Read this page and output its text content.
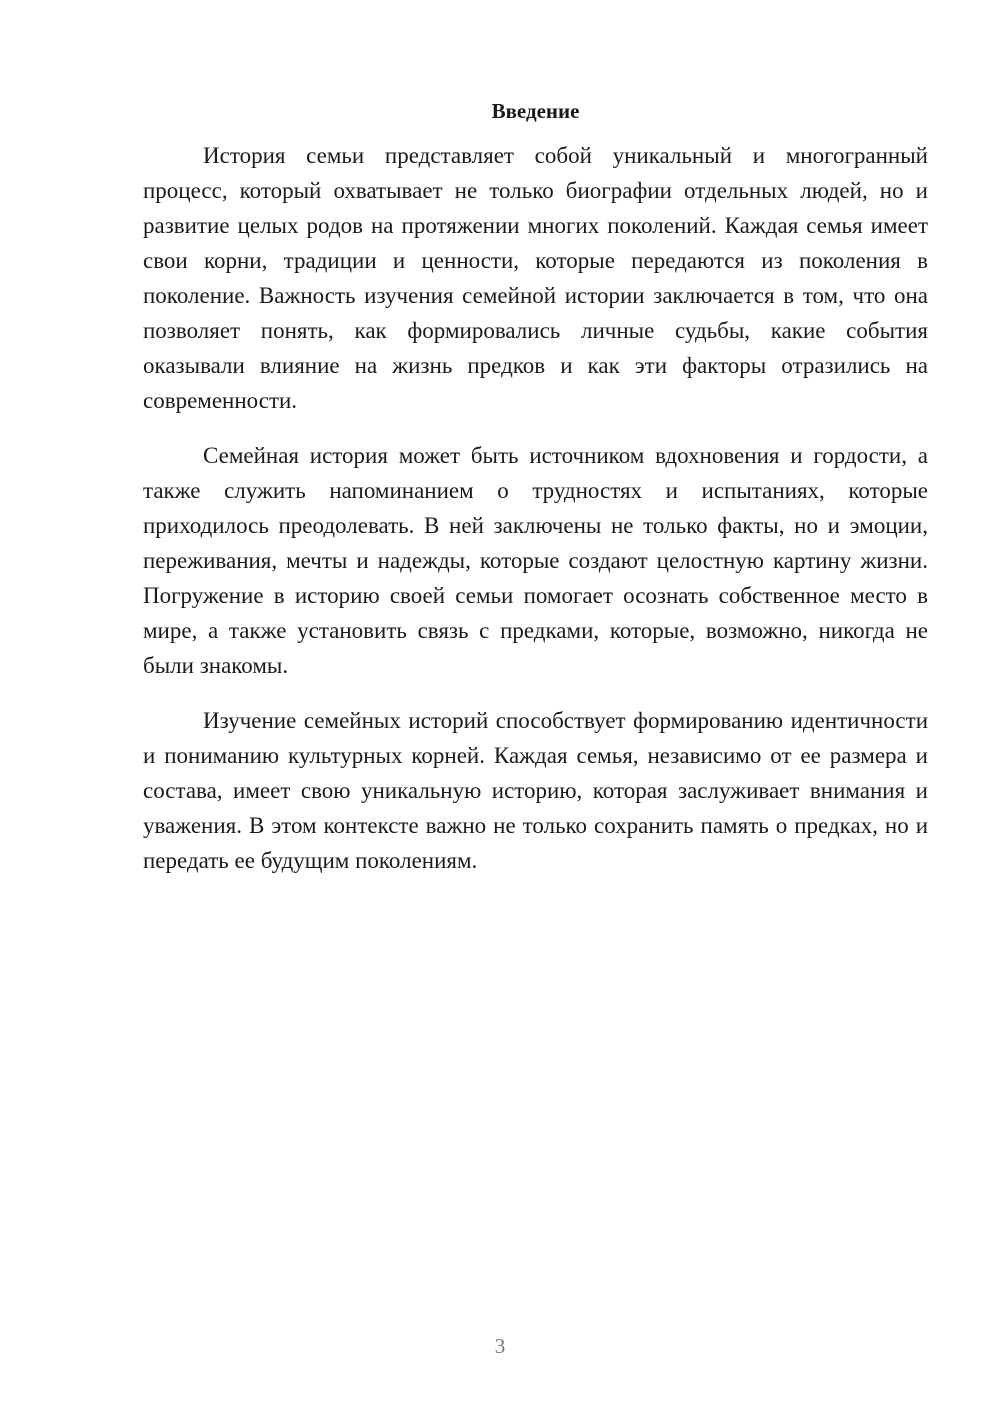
Введение

История семьи представляет собой уникальный и многогранный процесс, который охватывает не только биографии отдельных людей, но и развитие целых родов на протяжении многих поколений. Каждая семья имеет свои корни, традиции и ценности, которые передаются из поколения в поколение. Важность изучения семейной истории заключается в том, что она позволяет понять, как формировались личные судьбы, какие события оказывали влияние на жизнь предков и как эти факторы отразились на современности.

Семейная история может быть источником вдохновения и гордости, а также служить напоминанием о трудностях и испытаниях, которые приходилось преодолевать. В ней заключены не только факты, но и эмоции, переживания, мечты и надежды, которые создают целостную картину жизни. Погружение в историю своей семьи помогает осознать собственное место в мире, а также установить связь с предками, которые, возможно, никогда не были знакомы.

Изучение семейных историй способствует формированию идентичности и пониманию культурных корней. Каждая семья, независимо от ее размера и состава, имеет свою уникальную историю, которая заслуживает внимания и уважения. В этом контексте важно не только сохранить память о предках, но и передать ее будущим поколениям.

3
